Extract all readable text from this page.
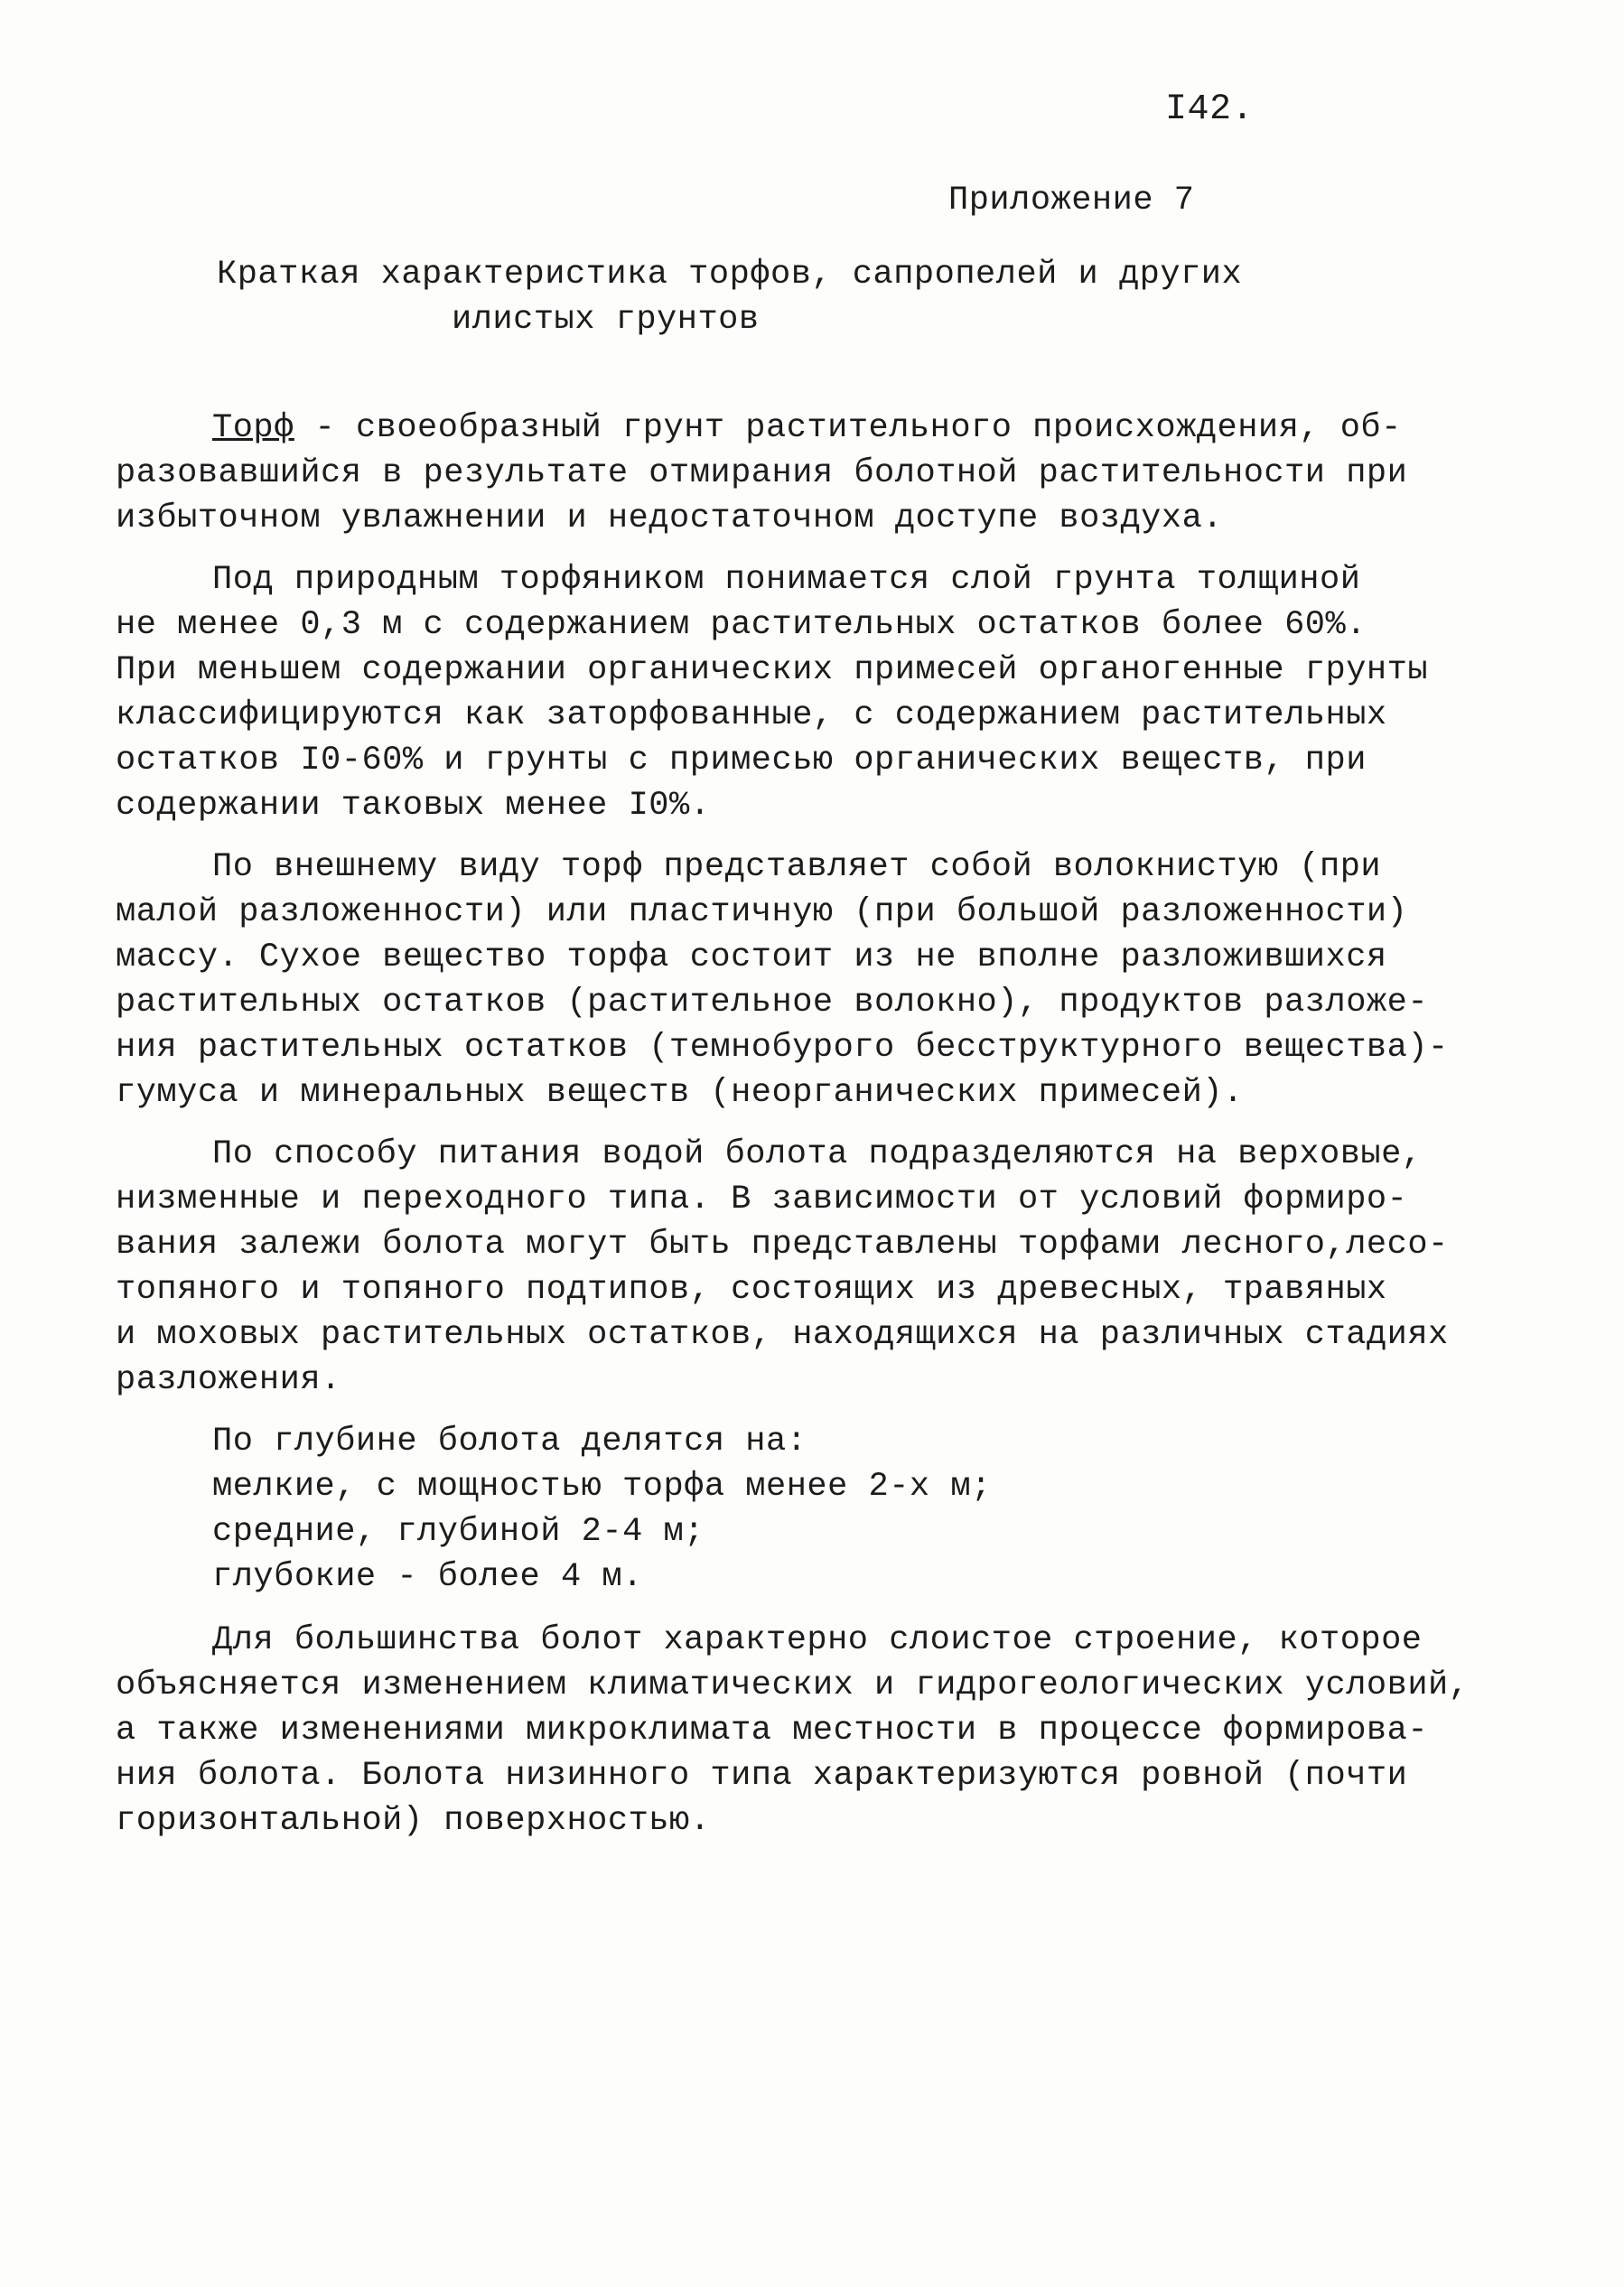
I42.
Приложение 7
Краткая характеристика торфов, сапропелей и других
илистых грунтов
Торф - своеобразный грунт растительного происхождения, об-
разовавшийся в результате отмирания болотной растительности при
избыточном увлажнении и недостаточном доступе воздуха.
Под природным торфяником понимается слой грунта толщиной
не менее 0,3 м с содержанием растительных остатков более 60%.
При меньшем содержании органических примесей органогенные грунты
классифицируются как заторфованные, с содержанием растительных
остатков I0-60% и грунты с примесью органических веществ, при
содержании таковых менее I0%.
По внешнему виду торф представляет собой волокнистую (при
малой разложенности) или пластичную (при большой разложенности)
массу. Сухое вещество торфа состоит из не вполне разложившихся
растительных остатков (растительное волокно), продуктов разложе-
ния растительных остатков (темнобурого бесструктурного вещества)-
гумуса и минеральных веществ (неорганических примесей).
По способу питания водой болота подразделяются на верховые,
низменные и переходного типа. В зависимости от условий формиро-
вания залежи болота могут быть представлены торфами лесного,лесо-
топяного и топяного подтипов, состоящих из древесных, травяных
и моховых растительных остатков, находящихся на различных стадиях
разложения.
По глубине болота делятся на:
мелкие, с мощностью торфа менее 2-х м;
средние, глубиной 2-4 м;
глубокие - более 4 м.
Для большинства болот характерно слоистое строение, которое
объясняется изменением климатических и гидрогеологических условий,
а также изменениями микроклимата местности в процессе формирова-
ния болота. Болота низинного типа характеризуются ровной (почти
горизонтальной) поверхностью.
